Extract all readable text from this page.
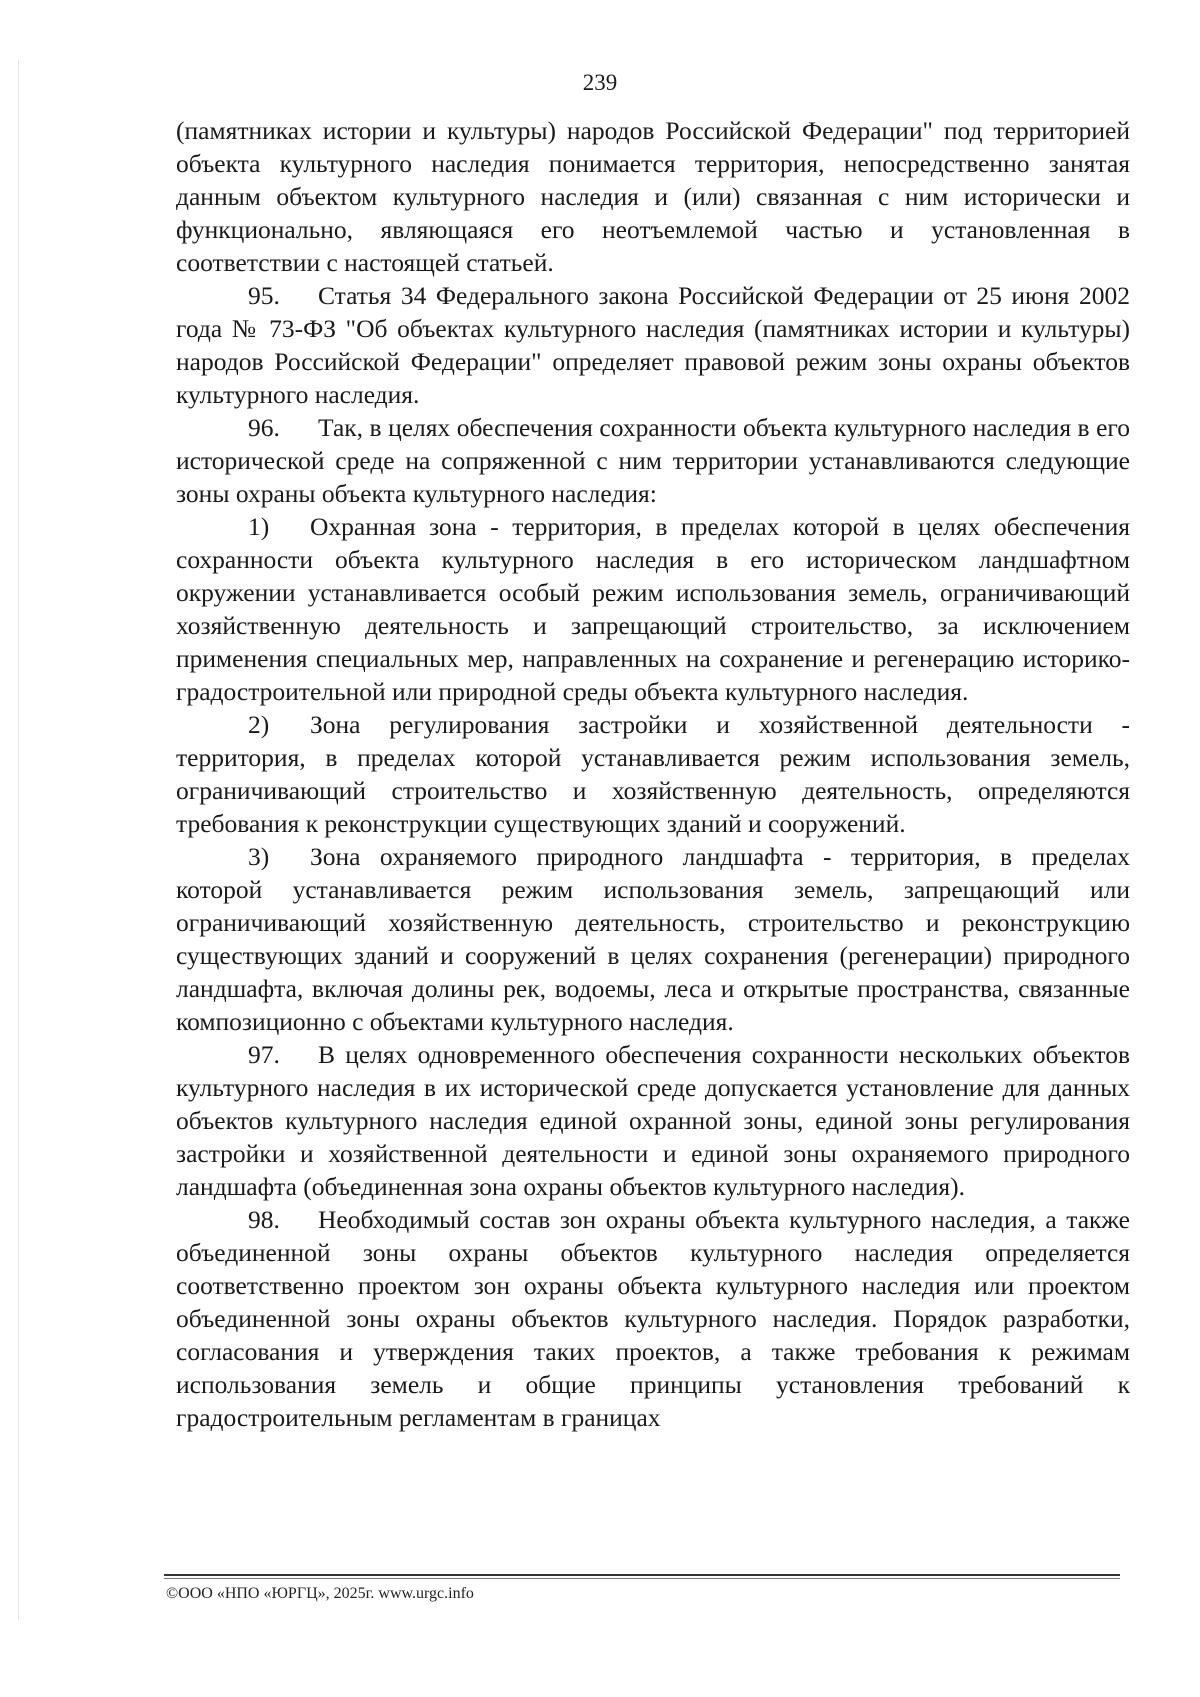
239

(памятниках истории и культуры) народов Российской Федерации" под территорией объекта культурного наследия понимается территория, непосредственно занятая данным объектом культурного наследия и (или) связанная с ним исторически и функционально, являющаяся его неотъемлемой частью и установленная в соответствии с настоящей статьей.

95. Статья 34 Федерального закона Российской Федерации от 25 июня 2002 года № 73-ФЗ "Об объектах культурного наследия (памятниках истории и культуры) народов Российской Федерации" определяет правовой режим зоны охраны объектов культурного наследия.

96. Так, в целях обеспечения сохранности объекта культурного наследия в его исторической среде на сопряженной с ним территории устанавливаются следующие зоны охраны объекта культурного наследия:

1) Охранная зона - территория, в пределах которой в целях обеспечения сохранности объекта культурного наследия в его историческом ландшафтном окружении устанавливается особый режим использования земель, ограничивающий хозяйственную деятельность и запрещающий строительство, за исключением применения специальных мер, направленных на сохранение и регенерацию историко-градостроительной или природной среды объекта культурного наследия.

2) Зона регулирования застройки и хозяйственной деятельности - территория, в пределах которой устанавливается режим использования земель, ограничивающий строительство и хозяйственную деятельность, определяются требования к реконструкции существующих зданий и сооружений.

3) Зона охраняемого природного ландшафта - территория, в пределах которой устанавливается режим использования земель, запрещающий или ограничивающий хозяйственную деятельность, строительство и реконструкцию существующих зданий и сооружений в целях сохранения (регенерации) природного ландшафта, включая долины рек, водоемы, леса и открытые пространства, связанные композиционно с объектами культурного наследия.

97. В целях одновременного обеспечения сохранности нескольких объектов культурного наследия в их исторической среде допускается установление для данных объектов культурного наследия единой охранной зоны, единой зоны регулирования застройки и хозяйственной деятельности и единой зоны охраняемого природного ландшафта (объединенная зона охраны объектов культурного наследия).

98. Необходимый состав зон охраны объекта культурного наследия, а также объединенной зоны охраны объектов культурного наследия определяется соответственно проектом зон охраны объекта культурного наследия или проектом объединенной зоны охраны объектов культурного наследия. Порядок разработки, согласования и утверждения таких проектов, а также требования к режимам использования земель и общие принципы установления требований к градостроительным регламентам в границах

©ООО «НПО «ЮРГЦ», 2025г. www.urgc.info
